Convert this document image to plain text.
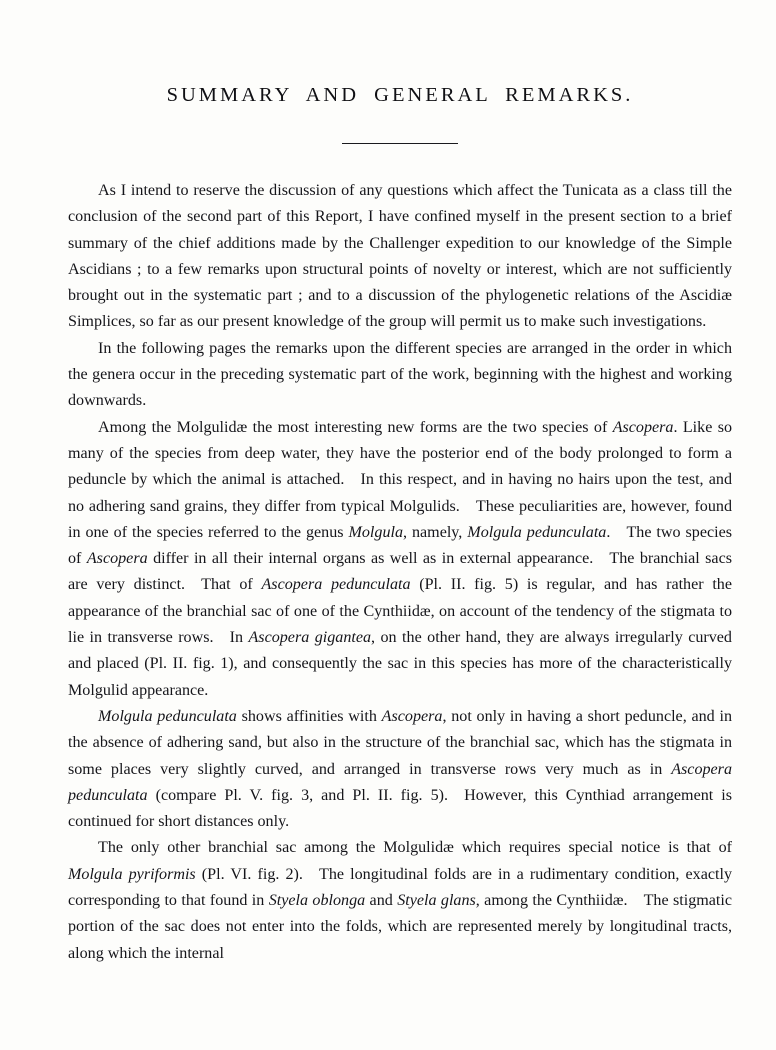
SUMMARY AND GENERAL REMARKS.

As I intend to reserve the discussion of any questions which affect the Tunicata as a class till the conclusion of the second part of this Report, I have confined myself in the present section to a brief summary of the chief additions made by the Challenger expedition to our knowledge of the Simple Ascidians ; to a few remarks upon structural points of novelty or interest, which are not sufficiently brought out in the systematic part ; and to a discussion of the phylogenetic relations of the Ascidiæ Simplices, so far as our present knowledge of the group will permit us to make such investigations.

In the following pages the remarks upon the different species are arranged in the order in which the genera occur in the preceding systematic part of the work, beginning with the highest and working downwards.

Among the Molgulidæ the most interesting new forms are the two species of Ascopera. Like so many of the species from deep water, they have the posterior end of the body prolonged to form a peduncle by which the animal is attached. In this respect, and in having no hairs upon the test, and no adhering sand grains, they differ from typical Molgulids. These peculiarities are, however, found in one of the species referred to the genus Molgula, namely, Molgula pedunculata. The two species of Ascopera differ in all their internal organs as well as in external appearance. The branchial sacs are very distinct. That of Ascopera pedunculata (Pl. II. fig. 5) is regular, and has rather the appearance of the branchial sac of one of the Cynthiidæ, on account of the tendency of the stigmata to lie in transverse rows. In Ascopera gigantea, on the other hand, they are always irregularly curved and placed (Pl. II. fig. 1), and consequently the sac in this species has more of the characteristically Molgulid appearance.

Molgula pedunculata shows affinities with Ascopera, not only in having a short peduncle, and in the absence of adhering sand, but also in the structure of the branchial sac, which has the stigmata in some places very slightly curved, and arranged in transverse rows very much as in Ascopera pedunculata (compare Pl. V. fig. 3, and Pl. II. fig. 5). However, this Cynthiad arrangement is continued for short distances only.

The only other branchial sac among the Molgulidæ which requires special notice is that of Molgula pyriformis (Pl. VI. fig. 2). The longitudinal folds are in a rudimentary condition, exactly corresponding to that found in Styela oblonga and Styela glans, among the Cynthiidæ. The stigmatic portion of the sac does not enter into the folds, which are represented merely by longitudinal tracts, along which the internal
